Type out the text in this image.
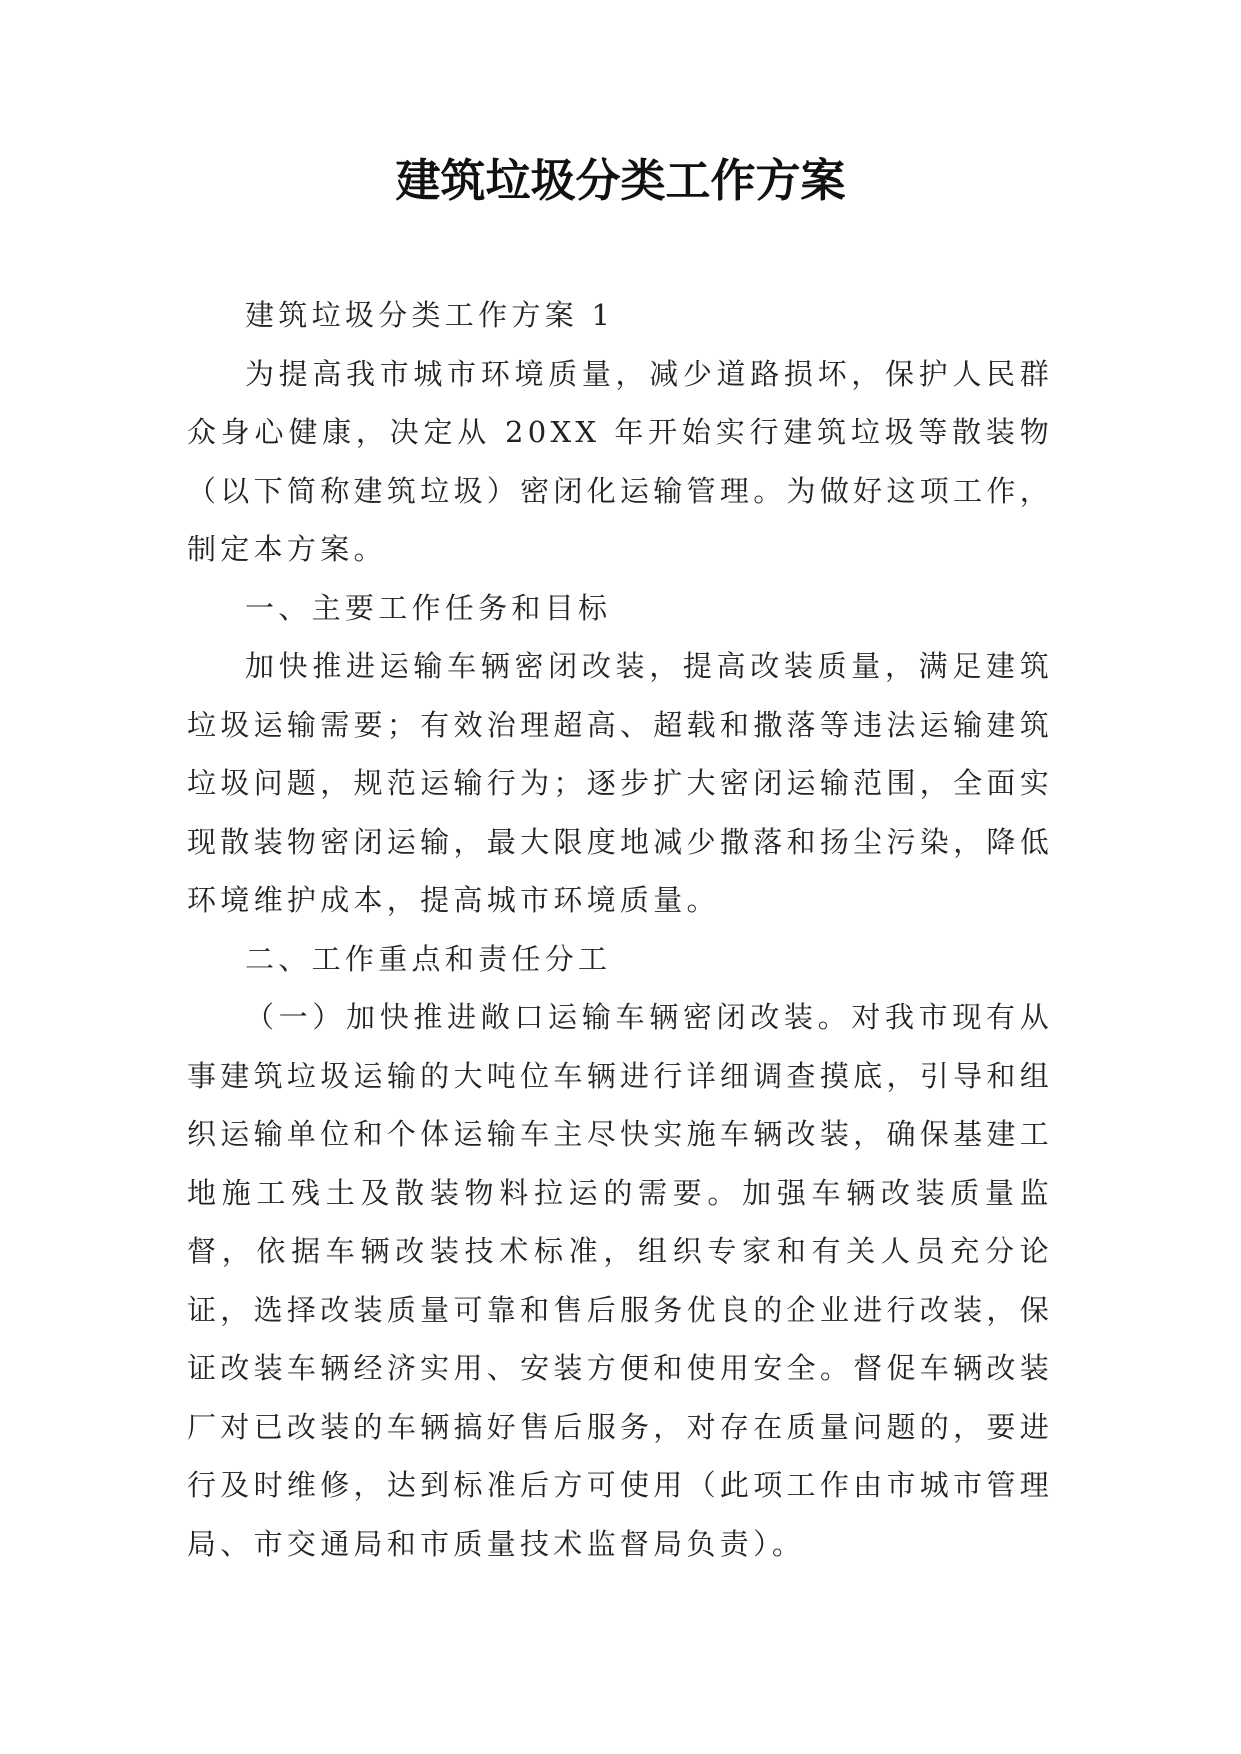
建筑垃圾分类工作方案

建筑垃圾分类工作方案 1

为提高我市城市环境质量，减少道路损坏，保护人民群众身心健康，决定从 20XX 年开始实行建筑垃圾等散装物（以下简称建筑垃圾）密闭化运输管理。为做好这项工作，制定本方案。

一、主要工作任务和目标

加快推进运输车辆密闭改装，提高改装质量，满足建筑垃圾运输需要；有效治理超高、超载和撒落等违法运输建筑垃圾问题，规范运输行为；逐步扩大密闭运输范围，全面实现散装物密闭运输，最大限度地减少撒落和扬尘污染，降低环境维护成本，提高城市环境质量。

二、工作重点和责任分工

（一）加快推进敞口运输车辆密闭改装。对我市现有从事建筑垃圾运输的大吨位车辆进行详细调查摸底，引导和组织运输单位和个体运输车主尽快实施车辆改装，确保基建工地施工残土及散装物料拉运的需要。加强车辆改装质量监督，依据车辆改装技术标准，组织专家和有关人员充分论证，选择改装质量可靠和售后服务优良的企业进行改装，保证改装车辆经济实用、安装方便和使用安全。督促车辆改装厂对已改装的车辆搞好售后服务，对存在质量问题的，要进行及时维修，达到标准后方可使用（此项工作由市城市管理局、市交通局和市质量技术监督局负责）。
